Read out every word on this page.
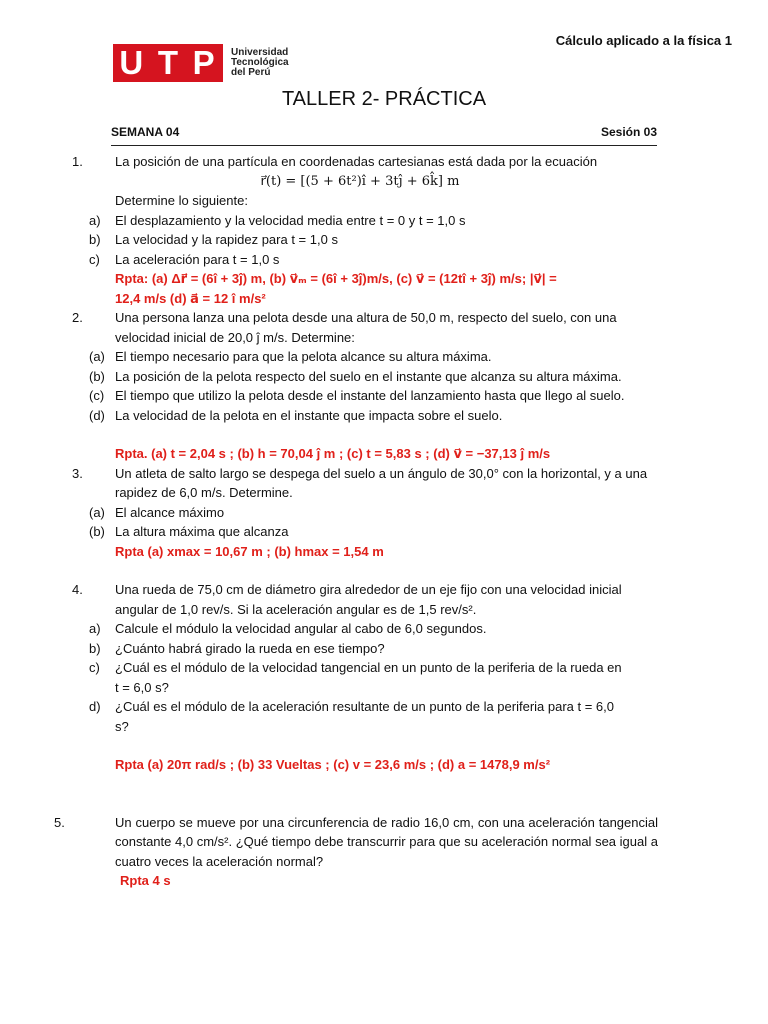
Cálculo aplicado a la física 1
U T P Universidad
Tecnológica
del Perú
TALLER 2- PRÁCTICA
SEMANA 04	Sesión 03
1. La posición de una partícula en coordenadas cartesianas está dada por la ecuación
r⃗(t) = [(5 + 6t²)î + 3tĵ + 6k̂] m
Determine lo siguiente:
a) El desplazamiento y la velocidad media entre t = 0 y t = 1,0 s
b) La velocidad y la rapidez para t = 1,0 s
c) La aceleración para t = 1,0 s
Rpta: (a) Δr⃗ = (6î + 3ĵ) m, (b) v⃗ₘ = (6î + 3ĵ)m/s, (c) v⃗ = (12tî + 3ĵ) m/s; |v⃗| =
12,4 m/s (d) a⃗ = 12 î m/s²
2. Una persona lanza una pelota desde una altura de 50,0 m, respecto del suelo, con una
velocidad inicial de 20,0 ĵ m/s. Determine:
(a) El tiempo necesario para que la pelota alcance su altura máxima.
(b) La posición de la pelota respecto del suelo en el instante que alcanza su altura máxima.
(c) El tiempo que utilizo la pelota desde el instante del lanzamiento hasta que llego al suelo.
(d) La velocidad de la pelota en el instante que impacta sobre el suelo.
Rpta. (a) t = 2,04 s ; (b) h = 70,04 ĵ m ; (c) t = 5,83 s ; (d) v⃗ = −37,13 ĵ m/s
3. Un atleta de salto largo se despega del suelo a un ángulo de 30,0° con la horizontal, y a una
rapidez de 6,0 m/s. Determine.
(a) El alcance máximo
(b) La altura máxima que alcanza
Rpta (a) xmax = 10,67 m ; (b) hmax = 1,54 m
4. Una rueda de 75,0 cm de diámetro gira alrededor de un eje fijo con una velocidad inicial
angular de 1,0 rev/s. Si la aceleración angular es de 1,5 rev/s².
a) Calcule el módulo la velocidad angular al cabo de 6,0 segundos.
b) ¿Cuánto habrá girado la rueda en ese tiempo?
c) ¿Cuál es el módulo de la velocidad tangencial en un punto de la periferia de la rueda en
t = 6,0 s?
d) ¿Cuál es el módulo de la aceleración resultante de un punto de la periferia para t = 6,0
s?
Rpta (a) 20π rad/s ; (b) 33 Vueltas ; (c) v = 23,6 m/s ; (d) a = 1478,9 m/s²
5.	Un cuerpo se mueve por una circunferencia de radio 16,0 cm, con una aceleración tangencial constante 4,0 cm/s². ¿Qué tiempo debe transcurrir para que su aceleración normal sea igual a cuatro veces la aceleración normal?
Rpta 4 s
